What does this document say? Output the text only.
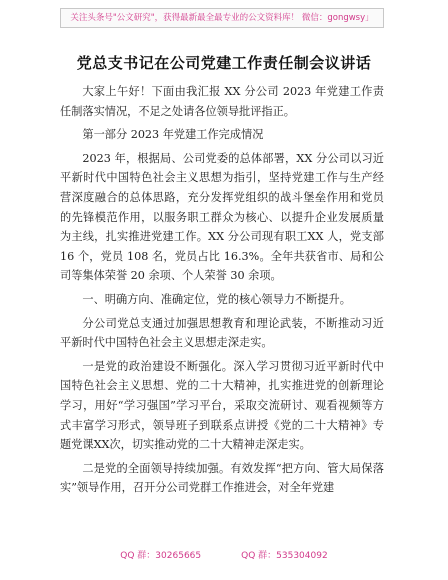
关注头条号"公文研究"，获得最新最全最专业的公文资料库！ 微信：gongwsy」
党总支书记在公司党建工作责任制会议讲话

大家上午好！下面由我汇报 XX 分公司 2023 年党建工作责任制落实情况，不足之处请各位领导批评指正。

第一部分 2023 年党建工作完成情况

2023 年，根据局、公司党委的总体部署，XX 分公司以习近平新时代中国特色社会主义思想为指引，坚持党建工作与生产经营深度融合的总体思路，充分发挥党组织的战斗堡垒作用和党员的先锋模范作用，以服务职工群众为核心、以提升企业发展质量为主线，扎实推进党建工作。XX 分公司现有职工XX 人，党支部 16 个，党员 108 名，党员占比 16.3%。全年共获省市、局和公司等集体荣誉 20 余项、个人荣誉 30 余项。

一、明确方向、准确定位，党的核心领导力不断提升。

分公司党总支通过加强思想教育和理论武装，不断推动习近平新时代中国特色社会主义思想走深走实。

一是党的政治建设不断强化。深入学习贯彻习近平新时代中国特色社会主义思想、党的二十大精神，扎实推进党的创新理论学习，用好“学习强国”学习平台，采取交流研讨、观看视频等方式丰富学习形式，领导班子到联系点讲授《党的二十大精神》专题党课XX次，切实推动党的二十大精神走深走实。

二是党的全面领导持续加强。有效发挥“把方向、管大局保落实”领导作用，召开分公司党群工作推进会，对全年党建

QQ 群：30265665	QQ 群：535304092
